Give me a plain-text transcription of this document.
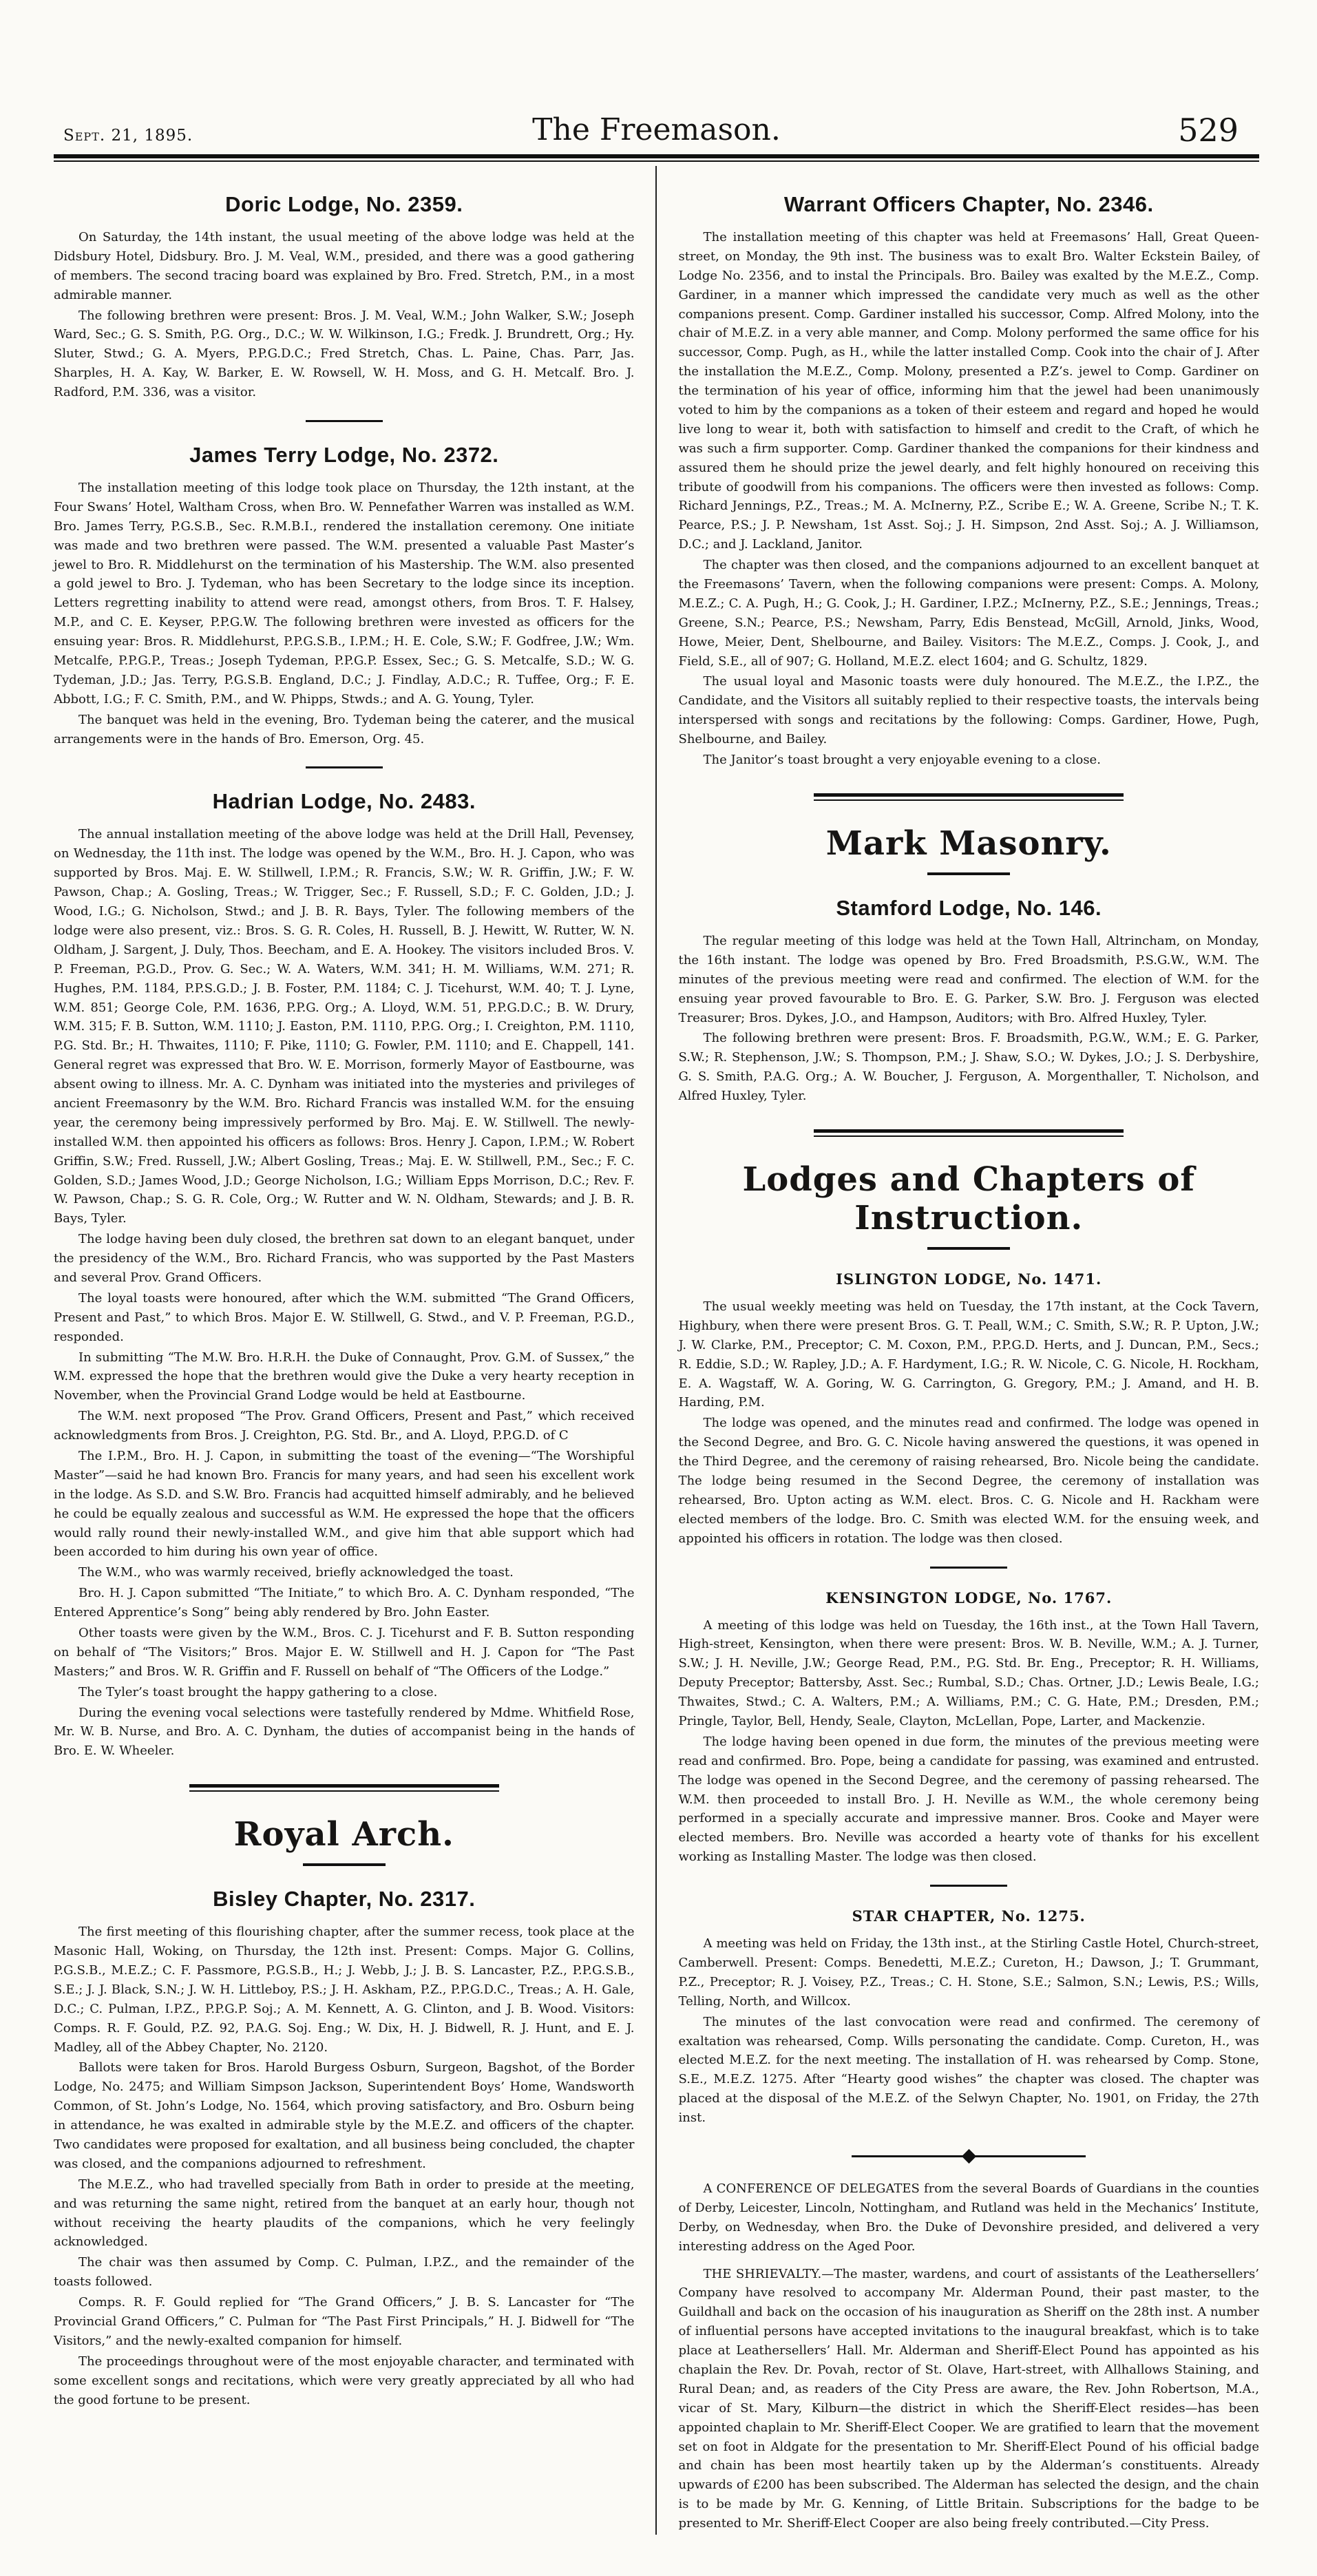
Sept. 21, 1895.	The Freemason.	529
Doric Lodge, No. 2359.

On Saturday, the 14th instant, the usual meeting of the above lodge was held at the Didsbury Hotel, Didsbury. Bro. J. M. Veal, W.M., presided, and there was a good gathering of members. The second tracing board was explained by Bro. Fred. Stretch, P.M., in a most admirable manner.

The following brethren were present: Bros. J. M. Veal, W.M.; John Walker, S.W.; Joseph Ward, Sec.; G. S. Smith, P.G. Org., D.C.; W. W. Wilkinson, I.G.; Fredk. J. Brundrett, Org.; Hy. Sluter, Stwd.; G. A. Myers, P.P.G.D.C.; Fred Stretch, Chas. L. Paine, Chas. Parr, Jas. Sharples, H. A. Kay, W. Barker, E. W. Rowsell, W. H. Moss, and G. H. Metcalf. Bro. J. Radford, P.M. 336, was a visitor.

James Terry Lodge, No. 2372.

The installation meeting of this lodge took place on Thursday, the 12th instant, at the Four Swans’ Hotel, Waltham Cross, when Bro. W. Pennefather Warren was installed as W.M. Bro. James Terry, P.G.S.B., Sec. R.M.B.I., rendered the installation ceremony. One initiate was made and two brethren were passed. The W.M. presented a valuable Past Master’s jewel to Bro. R. Middlehurst on the termination of his Mastership. The W.M. also presented a gold jewel to Bro. J. Tydeman, who has been Secretary to the lodge since its inception. Letters regretting inability to attend were read, amongst others, from Bros. T. F. Halsey, M.P., and C. E. Keyser, P.P.G.W. The following brethren were invested as officers for the ensuing year: Bros. R. Middlehurst, P.P.G.S.B., I.P.M.; H. E. Cole, S.W.; F. Godfree, J.W.; Wm. Metcalfe, P.P.G.P., Treas.; Joseph Tydeman, P.P.G.P. Essex, Sec.; G. S. Metcalfe, S.D.; W. G. Tydeman, J.D.; Jas. Terry, P.G.S.B. England, D.C.; J. Findlay, A.D.C.; R. Tuffee, Org.; F. E. Abbott, I.G.; F. C. Smith, P.M., and W. Phipps, Stwds.; and A. G. Young, Tyler.

The banquet was held in the evening, Bro. Tydeman being the caterer, and the musical arrangements were in the hands of Bro. Emerson, Org. 45.

Hadrian Lodge, No. 2483.

The annual installation meeting of the above lodge was held at the Drill Hall, Pevensey, on Wednesday, the 11th inst. The lodge was opened by the W.M., Bro. H. J. Capon, who was supported by Bros. Maj. E. W. Stillwell, I.P.M.; R. Francis, S.W.; W. R. Griffin, J.W.; F. W. Pawson, Chap.; A. Gosling, Treas.; W. Trigger, Sec.; F. Russell, S.D.; F. C. Golden, J.D.; J. Wood, I.G.; G. Nicholson, Stwd.; and J. B. R. Bays, Tyler. The following members of the lodge were also present, viz.: Bros. S. G. R. Coles, H. Russell, B. J. Hewitt, W. Rutter, W. N. Oldham, J. Sargent, J. Duly, Thos. Beecham, and E. A. Hookey. The visitors included Bros. V. P. Freeman, P.G.D., Prov. G. Sec.; W. A. Waters, W.M. 341; H. M. Williams, W.M. 271; R. Hughes, P.M. 1184, P.P.S.G.D.; J. B. Foster, P.M. 1184; C. J. Ticehurst, W.M. 40; T. J. Lyne, W.M. 851; George Cole, P.M. 1636, P.P.G. Org.; A. Lloyd, W.M. 51, P.P.G.D.C.; B. W. Drury, W.M. 315; F. B. Sutton, W.M. 1110; J. Easton, P.M. 1110, P.P.G. Org.; I. Creighton, P.M. 1110, P.G. Std. Br.; H. Thwaites, 1110; F. Pike, 1110; G. Fowler, P.M. 1110; and E. Chappell, 141. General regret was expressed that Bro. W. E. Morrison, formerly Mayor of Eastbourne, was absent owing to illness. Mr. A. C. Dynham was initiated into the mysteries and privileges of ancient Freemasonry by the W.M. Bro. Richard Francis was installed W.M. for the ensuing year, the ceremony being impressively performed by Bro. Maj. E. W. Stillwell. The newly-installed W.M. then appointed his officers as follows: Bros. Henry J. Capon, I.P.M.; W. Robert Griffin, S.W.; Fred. Russell, J.W.; Albert Gosling, Treas.; Maj. E. W. Stillwell, P.M., Sec.; F. C. Golden, S.D.; James Wood, J.D.; George Nicholson, I.G.; William Epps Morrison, D.C.; Rev. F. W. Pawson, Chap.; S. G. R. Cole, Org.; W. Rutter and W. N. Oldham, Stewards; and J. B. R. Bays, Tyler.

The lodge having been duly closed, the brethren sat down to an elegant banquet, under the presidency of the W.M., Bro. Richard Francis, who was supported by the Past Masters and several Prov. Grand Officers.

The loyal toasts were honoured, after which the W.M. submitted “The Grand Officers, Present and Past,” to which Bros. Major E. W. Stillwell, G. Stwd., and V. P. Freeman, P.G.D., responded.

In submitting “The M.W. Bro. H.R.H. the Duke of Connaught, Prov. G.M. of Sussex,” the W.M. expressed the hope that the brethren would give the Duke a very hearty reception in November, when the Provincial Grand Lodge would be held at Eastbourne.

The W.M. next proposed “The Prov. Grand Officers, Present and Past,” which received acknowledgments from Bros. J. Creighton, P.G. Std. Br., and A. Lloyd, P.P.G.D. of C

The I.P.M., Bro. H. J. Capon, in submitting the toast of the evening—“The Worshipful Master”—said he had known Bro. Francis for many years, and had seen his excellent work in the lodge. As S.D. and S.W. Bro. Francis had acquitted himself admirably, and he believed he could be equally zealous and successful as W.M. He expressed the hope that the officers would rally round their newly-installed W.M., and give him that able support which had been accorded to him during his own year of office.

The W.M., who was warmly received, briefly acknowledged the toast.

Bro. H. J. Capon submitted “The Initiate,” to which Bro. A. C. Dynham responded, “The Entered Apprentice’s Song” being ably rendered by Bro. John Easter.

Other toasts were given by the W.M., Bros. C. J. Ticehurst and F. B. Sutton responding on behalf of “The Visitors;” Bros. Major E. W. Stillwell and H. J. Capon for “The Past Masters;” and Bros. W. R. Griffin and F. Russell on behalf of “The Officers of the Lodge.”

The Tyler’s toast brought the happy gathering to a close.

During the evening vocal selections were tastefully rendered by Mdme. Whitfield Rose, Mr. W. B. Nurse, and Bro. A. C. Dynham, the duties of accompanist being in the hands of Bro. E. W. Wheeler.

Royal Arch.
Bisley Chapter, No. 2317.

The first meeting of this flourishing chapter, after the summer recess, took place at the Masonic Hall, Woking, on Thursday, the 12th inst. Present: Comps. Major G. Collins, P.G.S.B., M.E.Z.; C. F. Passmore, P.G.S.B., H.; J. Webb, J.; J. B. S. Lancaster, P.Z., P.P.G.S.B., S.E.; J. J. Black, S.N.; J. W. H. Littleboy, P.S.; J. H. Askham, P.Z., P.P.G.D.C., Treas.; A. H. Gale, D.C.; C. Pulman, I.P.Z., P.P.G.P. Soj.; A. M. Kennett, A. G. Clinton, and J. B. Wood. Visitors: Comps. R. F. Gould, P.Z. 92, P.A.G. Soj. Eng.; W. Dix, H. J. Bidwell, R. J. Hunt, and E. J. Madley, all of the Abbey Chapter, No. 2120.

Ballots were taken for Bros. Harold Burgess Osburn, Surgeon, Bagshot, of the Border Lodge, No. 2475; and William Simpson Jackson, Superintendent Boys’ Home, Wandsworth Common, of St. John’s Lodge, No. 1564, which proving satisfactory, and Bro. Osburn being in attendance, he was exalted in admirable style by the M.E.Z. and officers of the chapter. Two candidates were proposed for exaltation, and all business being concluded, the chapter was closed, and the companions adjourned to refreshment.

The M.E.Z., who had travelled specially from Bath in order to preside at the meeting, and was returning the same night, retired from the banquet at an early hour, though not without receiving the hearty plaudits of the companions, which he very feelingly acknowledged.

The chair was then assumed by Comp. C. Pulman, I.P.Z., and the remainder of the toasts followed.

Comps. R. F. Gould replied for “The Grand Officers,” J. B. S. Lancaster for “The Provincial Grand Officers,” C. Pulman for “The Past First Principals,” H. J. Bidwell for “The Visitors,” and the newly-exalted companion for himself.

The proceedings throughout were of the most enjoyable character, and terminated with some excellent songs and recitations, which were very greatly appreciated by all who had the good fortune to be present.

Warrant Officers Chapter, No. 2346.

The installation meeting of this chapter was held at Freemasons’ Hall, Great Queen-street, on Monday, the 9th inst. The business was to exalt Bro. Walter Eckstein Bailey, of Lodge No. 2356, and to instal the Principals. Bro. Bailey was exalted by the M.E.Z., Comp. Gardiner, in a manner which impressed the candidate very much as well as the other companions present. Comp. Gardiner installed his successor, Comp. Alfred Molony, into the chair of M.E.Z. in a very able manner, and Comp. Molony performed the same office for his successor, Comp. Pugh, as H., while the latter installed Comp. Cook into the chair of J. After the installation the M.E.Z., Comp. Molony, presented a P.Z’s. jewel to Comp. Gardiner on the termination of his year of office, informing him that the jewel had been unanimously voted to him by the companions as a token of their esteem and regard and hoped he would live long to wear it, both with satisfaction to himself and credit to the Craft, of which he was such a firm supporter. Comp. Gardiner thanked the companions for their kindness and assured them he should prize the jewel dearly, and felt highly honoured on receiving this tribute of goodwill from his companions. The officers were then invested as follows: Comp. Richard Jennings, P.Z., Treas.; M. A. McInerny, P.Z., Scribe E.; W. A. Greene, Scribe N.; T. K. Pearce, P.S.; J. P. Newsham, 1st Asst. Soj.; J. H. Simpson, 2nd Asst. Soj.; A. J. Williamson, D.C.; and J. Lackland, Janitor.

The chapter was then closed, and the companions adjourned to an excellent banquet at the Freemasons’ Tavern, when the following companions were present: Comps. A. Molony, M.E.Z.; C. A. Pugh, H.; G. Cook, J.; H. Gardiner, I.P.Z.; McInerny, P.Z., S.E.; Jennings, Treas.; Greene, S.N.; Pearce, P.S.; Newsham, Parry, Edis Benstead, McGill, Arnold, Jinks, Wood, Howe, Meier, Dent, Shelbourne, and Bailey. Visitors: The M.E.Z., Comps. J. Cook, J., and Field, S.E., all of 907; G. Holland, M.E.Z. elect 1604; and G. Schultz, 1829.

The usual loyal and Masonic toasts were duly honoured. The M.E.Z., the I.P.Z., the Candidate, and the Visitors all suitably replied to their respective toasts, the intervals being interspersed with songs and recitations by the following: Comps. Gardiner, Howe, Pugh, Shelbourne, and Bailey.

The Janitor’s toast brought a very enjoyable evening to a close.

Mark Masonry.
Stamford Lodge, No. 146.

The regular meeting of this lodge was held at the Town Hall, Altrincham, on Monday, the 16th instant. The lodge was opened by Bro. Fred Broadsmith, P.S.G.W., W.M. The minutes of the previous meeting were read and confirmed. The election of W.M. for the ensuing year proved favourable to Bro. E. G. Parker, S.W. Bro. J. Ferguson was elected Treasurer; Bros. Dykes, J.O., and Hampson, Auditors; with Bro. Alfred Huxley, Tyler.

The following brethren were present: Bros. F. Broadsmith, P.G.W., W.M.; E. G. Parker, S.W.; R. Stephenson, J.W.; S. Thompson, P.M.; J. Shaw, S.O.; W. Dykes, J.O.; J. S. Derbyshire, G. S. Smith, P.A.G. Org.; A. W. Boucher, J. Ferguson, A. Morgenthaller, T. Nicholson, and Alfred Huxley, Tyler.

Lodges and Chapters of Instruction.
ISLINGTON LODGE, No. 1471.

The usual weekly meeting was held on Tuesday, the 17th instant, at the Cock Tavern, Highbury, when there were present Bros. G. T. Peall, W.M.; C. Smith, S.W.; R. P. Upton, J.W.; J. W. Clarke, P.M., Preceptor; C. M. Coxon, P.M., P.P.G.D. Herts, and J. Duncan, P.M., Secs.; R. Eddie, S.D.; W. Rapley, J.D.; A. F. Hardyment, I.G.; R. W. Nicole, C. G. Nicole, H. Rockham, E. A. Wagstaff, W. A. Goring, W. G. Carrington, G. Gregory, P.M.; J. Amand, and H. B. Harding, P.M.

The lodge was opened, and the minutes read and confirmed. The lodge was opened in the Second Degree, and Bro. G. C. Nicole having answered the questions, it was opened in the Third Degree, and the ceremony of raising rehearsed, Bro. Nicole being the candidate. The lodge being resumed in the Second Degree, the ceremony of installation was rehearsed, Bro. Upton acting as W.M. elect. Bros. C. G. Nicole and H. Rackham were elected members of the lodge. Bro. C. Smith was elected W.M. for the ensuing week, and appointed his officers in rotation. The lodge was then closed.

KENSINGTON LODGE, No. 1767.

A meeting of this lodge was held on Tuesday, the 16th inst., at the Town Hall Tavern, High-street, Kensington, when there were present: Bros. W. B. Neville, W.M.; A. J. Turner, S.W.; J. H. Neville, J.W.; George Read, P.M., P.G. Std. Br. Eng., Preceptor; R. H. Williams, Deputy Preceptor; Battersby, Asst. Sec.; Rumbal, S.D.; Chas. Ortner, J.D.; Lewis Beale, I.G.; Thwaites, Stwd.; C. A. Walters, P.M.; A. Williams, P.M.; C. G. Hate, P.M.; Dresden, P.M.; Pringle, Taylor, Bell, Hendy, Seale, Clayton, McLellan, Pope, Larter, and Mackenzie.

The lodge having been opened in due form, the minutes of the previous meeting were read and confirmed. Bro. Pope, being a candidate for passing, was examined and entrusted. The lodge was opened in the Second Degree, and the ceremony of passing rehearsed. The W.M. then proceeded to install Bro. J. H. Neville as W.M., the whole ceremony being performed in a specially accurate and impressive manner. Bros. Cooke and Mayer were elected members. Bro. Neville was accorded a hearty vote of thanks for his excellent working as Installing Master. The lodge was then closed.

STAR CHAPTER, No. 1275.

A meeting was held on Friday, the 13th inst., at the Stirling Castle Hotel, Church-street, Camberwell. Present: Comps. Benedetti, M.E.Z.; Cureton, H.; Dawson, J.; T. Grummant, P.Z., Preceptor; R. J. Voisey, P.Z., Treas.; C. H. Stone, S.E.; Salmon, S.N.; Lewis, P.S.; Wills, Telling, North, and Willcox.

The minutes of the last convocation were read and confirmed. The ceremony of exaltation was rehearsed, Comp. Wills personating the candidate. Comp. Cureton, H., was elected M.E.Z. for the next meeting. The installation of H. was rehearsed by Comp. Stone, S.E., M.E.Z. 1275. After “Hearty good wishes” the chapter was closed. The chapter was placed at the disposal of the M.E.Z. of the Selwyn Chapter, No. 1901, on Friday, the 27th inst.

A CONFERENCE OF DELEGATES from the several Boards of Guardians in the counties of Derby, Leicester, Lincoln, Nottingham, and Rutland was held in the Mechanics’ Institute, Derby, on Wednesday, when Bro. the Duke of Devonshire presided, and delivered a very interesting address on the Aged Poor.

THE SHRIEVALTY.—The master, wardens, and court of assistants of the Leathersellers’ Company have resolved to accompany Mr. Alderman Pound, their past master, to the Guildhall and back on the occasion of his inauguration as Sheriff on the 28th inst. A number of influential persons have accepted invitations to the inaugural breakfast, which is to take place at Leathersellers’ Hall. Mr. Alderman and Sheriff-Elect Pound has appointed as his chaplain the Rev. Dr. Povah, rector of St. Olave, Hart-street, with Allhallows Staining, and Rural Dean; and, as readers of the City Press are aware, the Rev. John Robertson, M.A., vicar of St. Mary, Kilburn—the district in which the Sheriff-Elect resides—has been appointed chaplain to Mr. Sheriff-Elect Cooper. We are gratified to learn that the movement set on foot in Aldgate for the presentation to Mr. Sheriff-Elect Pound of his official badge and chain has been most heartily taken up by the Alderman’s constituents. Already upwards of £200 has been subscribed. The Alderman has selected the design, and the chain is to be made by Mr. G. Kenning, of Little Britain. Subscriptions for the badge to be presented to Mr. Sheriff-Elect Cooper are also being freely contributed.—City Press.
